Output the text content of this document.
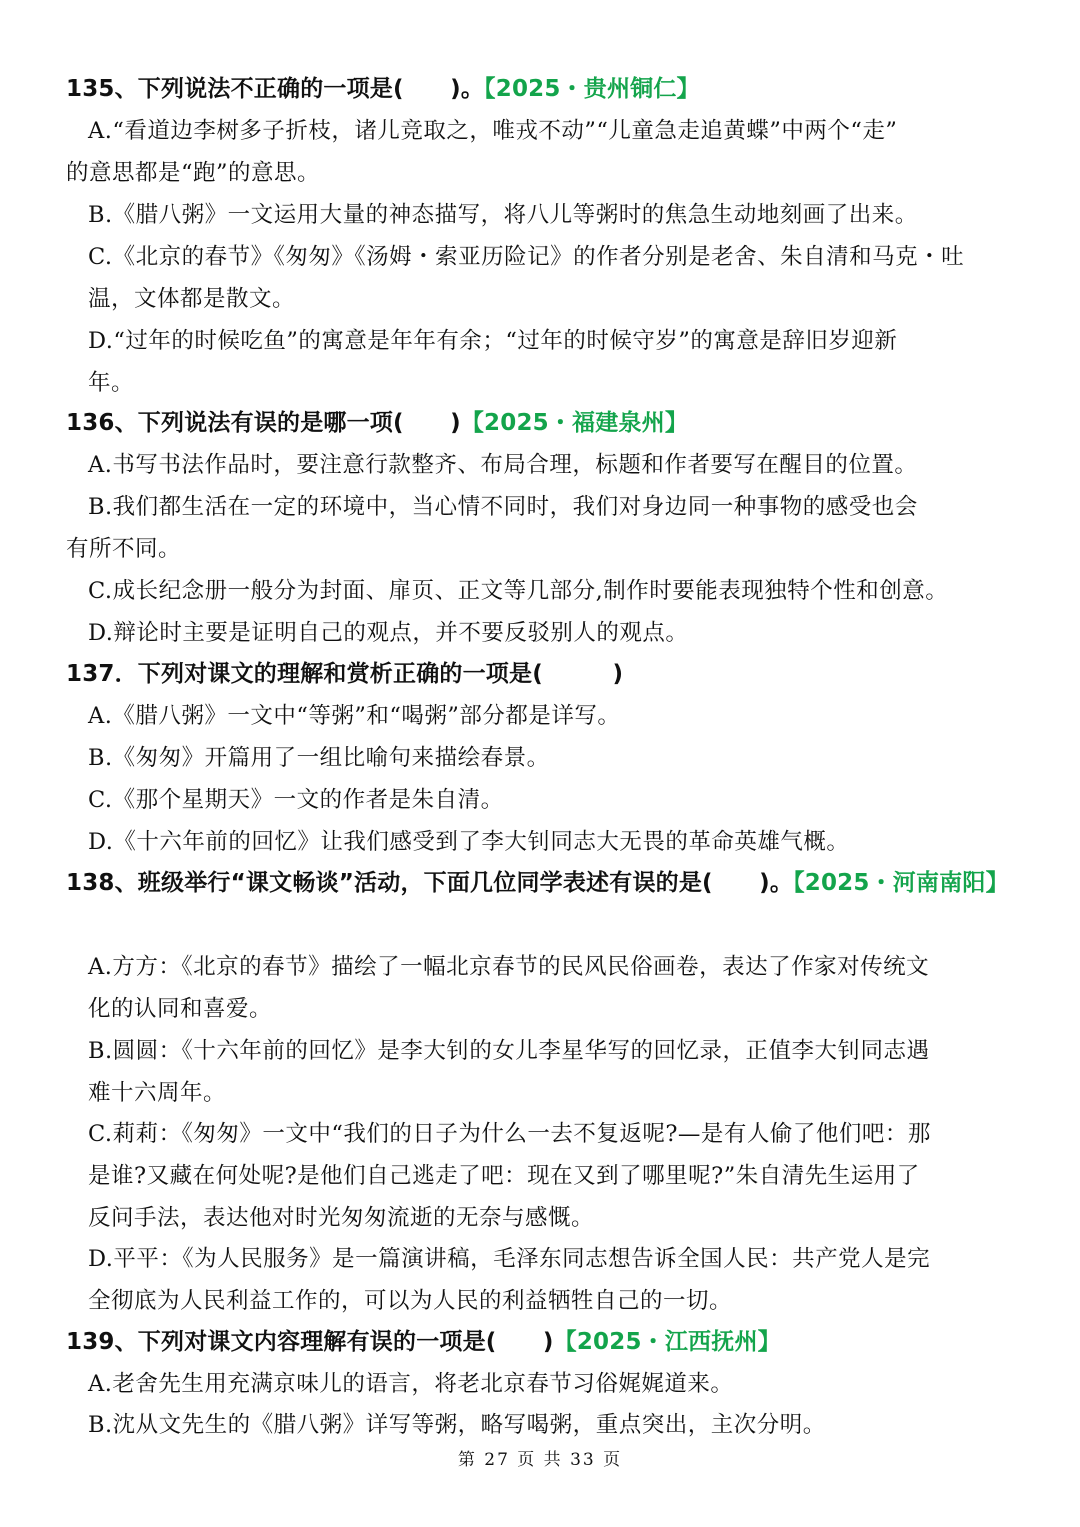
135、下列说法不正确的一项是(　　)。【2025・贵州铜仁】
A.“看道边李树多子折枝，诸儿竞取之，唯戎不动”“儿童急走追黄蝶”中两个“走”
的意思都是“跑”的意思。
B.《腊八粥》一文运用大量的神态描写，将八儿等粥时的焦急生动地刻画了出来。
C.《北京的春节》《匆匆》《汤姆・索亚历险记》的作者分别是老舍、朱自清和马克・吐
温，文体都是散文。
D.“过年的时候吃鱼”的寓意是年年有余；“过年的时候守岁”的寓意是辞旧岁迎新
年。
136、下列说法有误的是哪一项(　　)【2025・福建泉州】
A.书写书法作品时，要注意行款整齐、布局合理，标题和作者要写在醒目的位置。
B.我们都生活在一定的环境中，当心情不同时，我们对身边同一种事物的感受也会
有所不同。
C.成长纪念册一般分为封面、扉页、正文等几部分,制作时要能表现独特个性和创意。
D.辩论时主要是证明自己的观点，并不要反驳别人的观点。
137．下列对课文的理解和赏析正确的一项是(　　　)
A.《腊八粥》一文中“等粥”和“喝粥”部分都是详写。
B.《匆匆》开篇用了一组比喻句来描绘春景。
C.《那个星期天》一文的作者是朱自清。
D.《十六年前的回忆》让我们感受到了李大钊同志大无畏的革命英雄气概。
138、班级举行“课文畅谈”活动，下面几位同学表述有误的是(　　)。【2025・河南南阳】
A.方方：《北京的春节》描绘了一幅北京春节的民风民俗画卷，表达了作家对传统文
化的认同和喜爱。
B.圆圆：《十六年前的回忆》是李大钊的女儿李星华写的回忆录，正值李大钊同志遇
难十六周年。
C.莉莉：《匆匆》一文中“我们的日子为什么一去不复返呢?—是有人偷了他们吧：那
是谁?又藏在何处呢?是他们自己逃走了吧：现在又到了哪里呢?”朱自清先生运用了
反问手法，表达他对时光匆匆流逝的无奈与感慨。
D.平平：《为人民服务》是一篇演讲稿，毛泽东同志想告诉全国人民：共产党人是完
全彻底为人民利益工作的，可以为人民的利益牺牲自己的一切。
139、下列对课文内容理解有误的一项是(　　)【2025・江西抚州】
A.老舍先生用充满京味儿的语言，将老北京春节习俗娓娓道来。
B.沈从文先生的《腊八粥》详写等粥，略写喝粥，重点突出，主次分明。
第 27 页 共 33 页
